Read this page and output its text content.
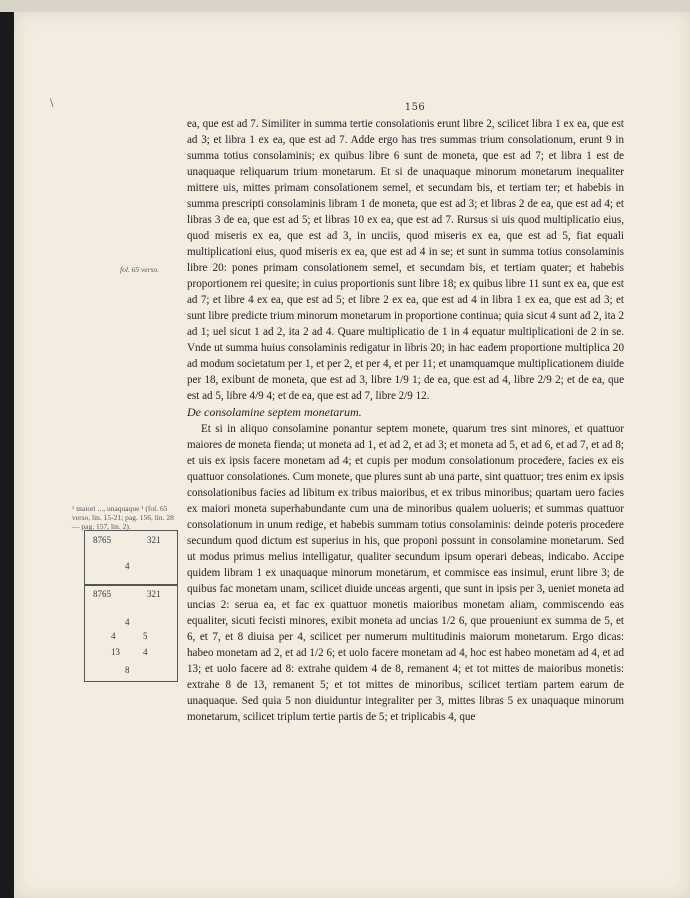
\	156
fol. 65 verso.
¹ maiori ..., unaquaque ¹ (fol. 65 verso, lin. 15-21; pag. 156, lin. 28 — pag. 157, lin. 2).
8765	321
4
8765	321
4
4	5
13	4
8

ea, que est ad 7. Similiter in summa tertie consolationis erunt libre 2, scilicet libra 1 ex ea, que est ad 3; et libra 1 ex ea, que est ad 7. Adde ergo has tres summas trium consolationum, erunt 9 in summa totius consolaminis; ex quibus libre 6 sunt de moneta, que est ad 7; et libra 1 est de unaquaque reliquarum trium monetarum. Et si de unaquaque minorum monetarum inequaliter mittere uis, mittes primam consolationem semel, et secundam bis, et tertiam ter; et habebis in summa prescripti consolaminis libram 1 de moneta, que est ad 3; et libras 2 de ea, que est ad 4; et libras 3 de ea, que est ad 5; et libras 10 ex ea, que est ad 7. Rursus si uis quod multiplicatio eius, quod miseris ex ea, que est ad 3, in unciis, quod miseris ex ea, que est ad 5, fiat equali multiplicationi eius, quod miseris ex ea, que est ad 4 in se; et sunt in summa totius consolaminis libre 20: pones primam consolationem semel, et secundam bis, et tertiam quater; et habebis proportionem rei quesite; in cuius proportionis sunt libre 18; ex quibus libre 11 sunt ex ea, que est ad 7; et libre 4 ex ea, que est ad 5; et libre 2 ex ea, que est ad 4 in libra 1 ex ea, que est ad 3; et sunt libre predicte trium minorum monetarum in proportione continua; quia sicut 4 sunt ad 2, ita 2 ad 1; uel sicut 1 ad 2, ita 2 ad 4. Quare multiplicatio de 1 in 4 equatur multiplicationi de 2 in se. Vnde ut summa huius consolaminis redigatur in libris 20; in hac eadem proportione multiplica 20 ad modum societatum per 1, et per 2, et per 4, et per 11; et unamquamque multiplicationem diuide per 18, exibunt de moneta, que est ad 3, libre 1/9 1; de ea, que est ad 4, libre 2/9 2; et de ea, que est ad 5, libre 4/9 4; et de ea, que est ad 7, libre 2/9 12.

De consolamine septem monetarum.

Et si in aliquo consolamine ponantur septem monete, quarum tres sint minores, et quattuor maiores de moneta fienda; ut moneta ad 1, et ad 2, et ad 3; et moneta ad 5, et ad 6, et ad 7, et ad 8; et uis ex ipsis facere monetam ad 4; et cupis per modum consolationum procedere, facies ex eis quattuor consolationes. Cum monete, que plures sunt ab una parte, sint quattuor; tres enim ex ipsis consolationibus facies ad libitum ex tribus maioribus, et ex tribus minoribus; quartam uero facies ex maiori moneta superhabundante cum una de minoribus qualem uolueris; et summas quattuor consolationum in unum redige, et habebis summam totius consolaminis: deinde poteris procedere secundum quod dictum est superius in his, que proponi possunt in consolamine monetarum. Sed ut modus primus melius intelligatur, qualiter secundum ipsum operari debeas, indicabo. Accipe quidem libram 1 ex unaquaque minorum monetarum, et commisce eas insimul, erunt libre 3; de quibus fac monetam unam, scilicet diuide unceas argenti, que sunt in ipsis per 3, ueniet moneta ad uncias 2: serua ea, et fac ex quattuor monetis maioribus monetam aliam, commiscendo eas equaliter, sicuti fecisti minores, exibit moneta ad uncias 1/2 6, que proueniunt ex summa de 5, et 6, et 7, et 8 diuisa per 4, scilicet per numerum multitudinis maiorum monetarum. Ergo dicas: habeo monetam ad 2, et ad 1/2 6; et uolo facere monetam ad 4, hoc est habeo monetam ad 4, et ad 13; et uolo facere ad 8: extrahe quidem 4 de 8, remanent 4; et tot mittes de maioribus monetis: extrahe 8 de 13, remanent 5; et tot mittes de minoribus, scilicet tertiam partem earum de unaquaque. Sed quia 5 non diuiduntur integraliter per 3, mittes libras 5 ex unaquaque minorum monetarum, scilicet triplum tertie partis de 5; et triplicabis 4, que
